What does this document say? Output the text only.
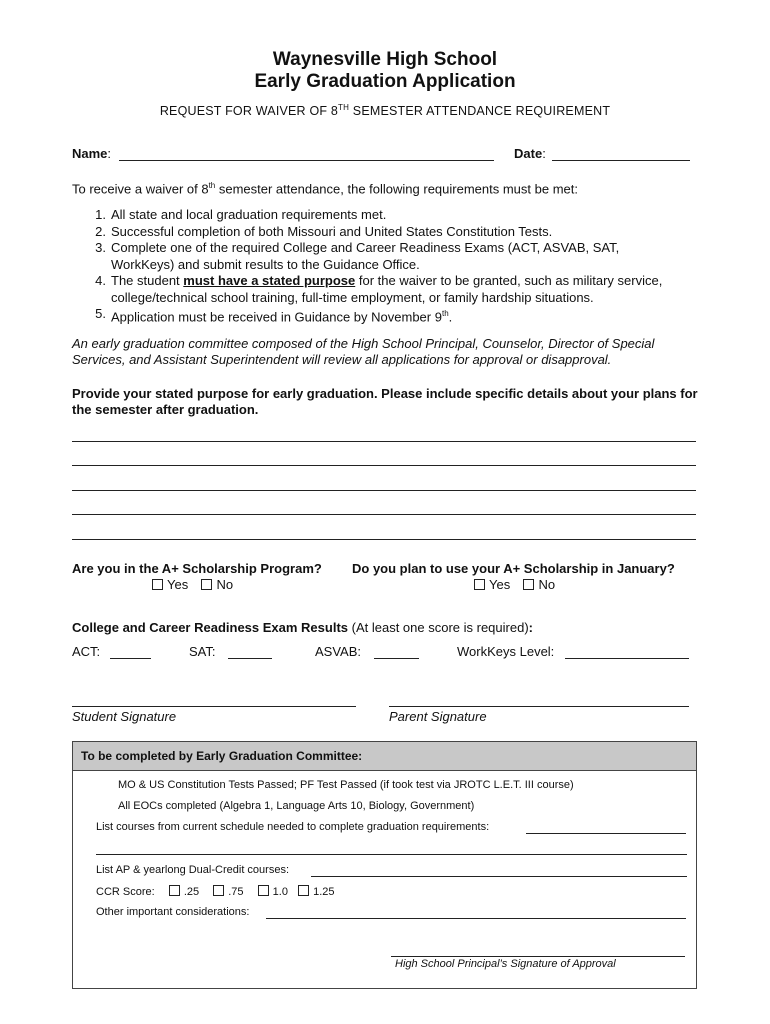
Waynesville High School
Early Graduation Application
REQUEST FOR WAIVER OF 8TH SEMESTER ATTENDANCE REQUIREMENT
Name:	Date:
To receive a waiver of 8th semester attendance, the following requirements must be met:
1. All state and local graduation requirements met.
2. Successful completion of both Missouri and United States Constitution Tests.
3. Complete one of the required College and Career Readiness Exams (ACT, ASVAB, SAT, WorkKeys) and submit results to the Guidance Office.
4. The student must have a stated purpose for the waiver to be granted, such as military service, college/technical school training, full-time employment, or family hardship situations.
5. Application must be received in Guidance by November 9th.
An early graduation committee composed of the High School Principal, Counselor, Director of Special Services, and Assistant Superintendent will review all applications for approval or disapproval.
Provide your stated purpose for early graduation. Please include specific details about your plans for the semester after graduation.
Are you in the A+ Scholarship Program? Do you plan to use your A+ Scholarship in January?
Yes No	Yes No
College and Career Readiness Exam Results (At least one score is required):
ACT:	SAT:	ASVAB:	WorkKeys Level:
Student Signature	Parent Signature
To be completed by Early Graduation Committee:
MO & US Constitution Tests Passed; PF Test Passed (if took test via JROTC L.E.T. III course)
All EOCs completed (Algebra 1, Language Arts 10, Biology, Government)
List courses from current schedule needed to complete graduation requirements:
List AP & yearlong Dual-Credit courses:
CCR Score:	.25	.75	1.0 1.25
Other important considerations:
High School Principal’s Signature of Approval
